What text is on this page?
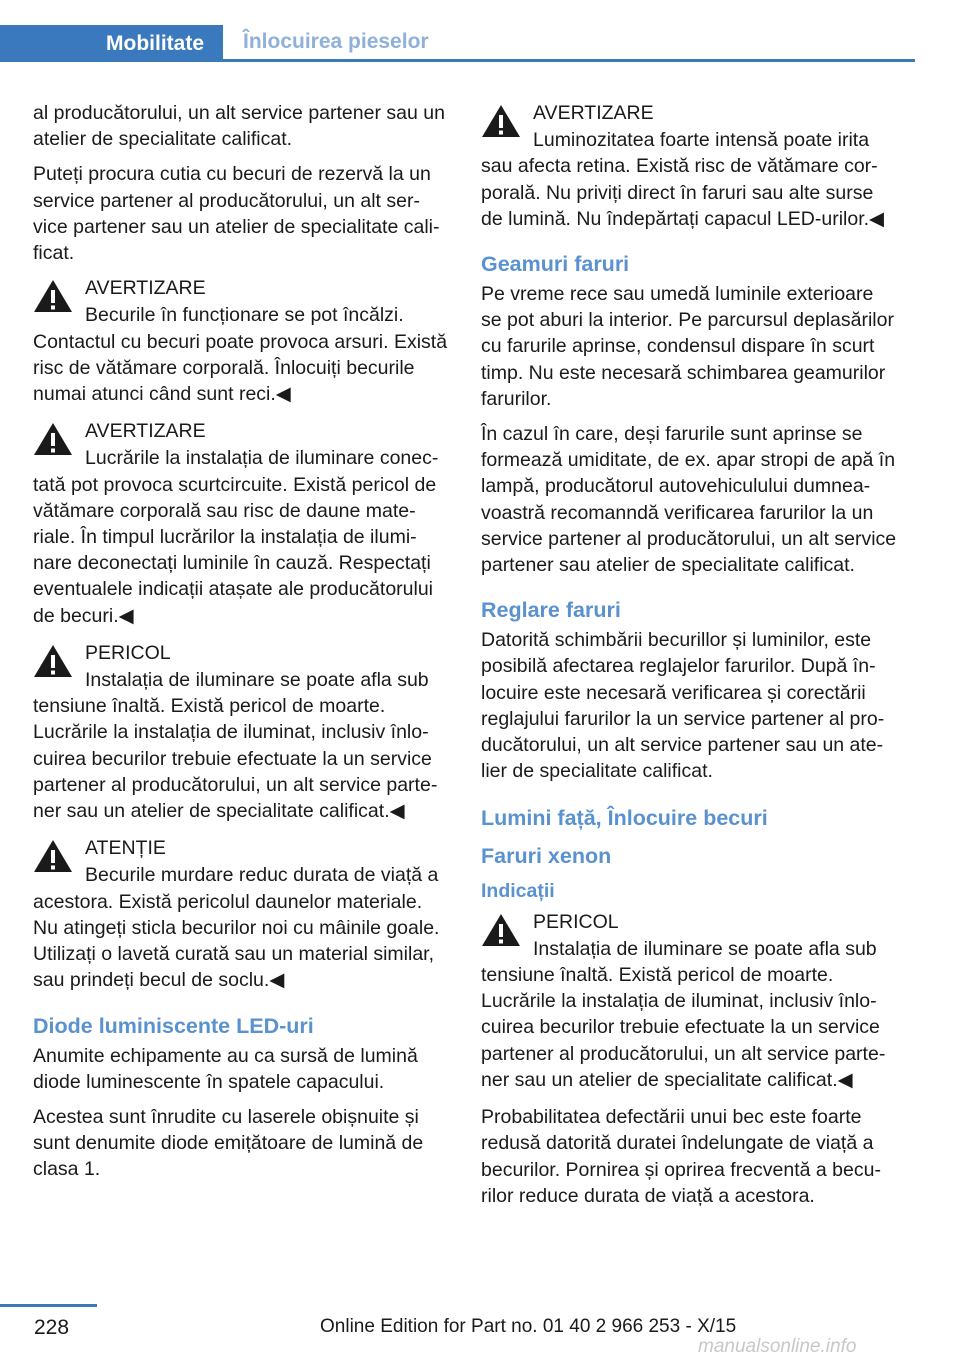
Mobilitate	Înlocuirea pieselor

al producătorului, un alt service partener sau un atelier de specialitate calificat.

Puteți procura cutia cu becuri de rezervă la un service partener al producătorului, un alt service partener sau un atelier de specialitate calificat.

AVERTIZARE
Becurile în funcționare se pot încălzi. Contactul cu becuri poate provoca arsuri. Există risc de vătămare corporală. Înlocuiți becurile numai atunci când sunt reci.◀
AVERTIZARE
Lucrările la instalația de iluminare conectată pot provoca scurtcircuite. Există pericol de vătămare corporală sau risc de daune materiale. În timpul lucrărilor la instalația de iluminare deconectați luminile în cauză. Respectați eventualele indicații atașate ale producătorului de becuri.◀
PERICOL
Instalația de iluminare se poate afla sub tensiune înaltă. Există pericol de moarte. Lucrările la instalația de iluminat, inclusiv înlocuirea becurilor trebuie efectuate la un service partener al producătorului, un alt service partener sau un atelier de specialitate calificat.◀
ATENȚIE
Becurile murdare reduc durata de viață a acestora. Există pericolul daunelor materiale. Nu atingeți sticla becurilor noi cu mâinile goale. Utilizați o lavetă curată sau un material similar, sau prindeți becul de soclu.◀
Diode luminiscente LED-uri

Anumite echipamente au ca sursă de lumină diode luminescente în spatele capacului.

Acestea sunt înrudite cu laserele obișnuite și sunt denumite diode emițătoare de lumină de clasa 1.

AVERTIZARE
Luminozitatea foarte intensă poate irita sau afecta retina. Există risc de vătămare corporală. Nu priviți direct în faruri sau alte surse de lumină. Nu îndepărtați capacul LED-urilor.◀
Geamuri faruri

Pe vreme rece sau umedă luminile exterioare se pot aburi la interior. Pe parcursul deplasărilor cu farurile aprinse, condensul dispare în scurt timp. Nu este necesară schimbarea geamurilor farurilor.

În cazul în care, deși farurile sunt aprinse se formează umiditate, de ex. apar stropi de apă în lampă, producătorul autovehiculului dumneavoastră recomanndă verificarea farurilor la un service partener al producătorului, un alt service partener sau atelier de specialitate calificat.

Reglare faruri

Datorită schimbării becurillor și luminilor, este posibilă afectarea reglajelor farurilor. După înlocuire este necesară verificarea și corectării reglajului farurilor la un service partener al producătorului, un alt service partener sau un atelier de specialitate calificat.

Lumini față, Înlocuire becuri
Faruri xenon
Indicații
PERICOL
Instalația de iluminare se poate afla sub tensiune înaltă. Există pericol de moarte. Lucrările la instalația de iluminat, inclusiv înlocuirea becurilor trebuie efectuate la un service partener al producătorului, un alt service partener sau un atelier de specialitate calificat.◀

Probabilitatea defectării unui bec este foarte redusă datorită duratei îndelungate de viață a becurilor. Pornirea și oprirea frecventă a becurilor reduce durata de viață a acestora.

228	Online Edition for Part no. 01 40 2 966 253 - X/15
manualsonline.info
